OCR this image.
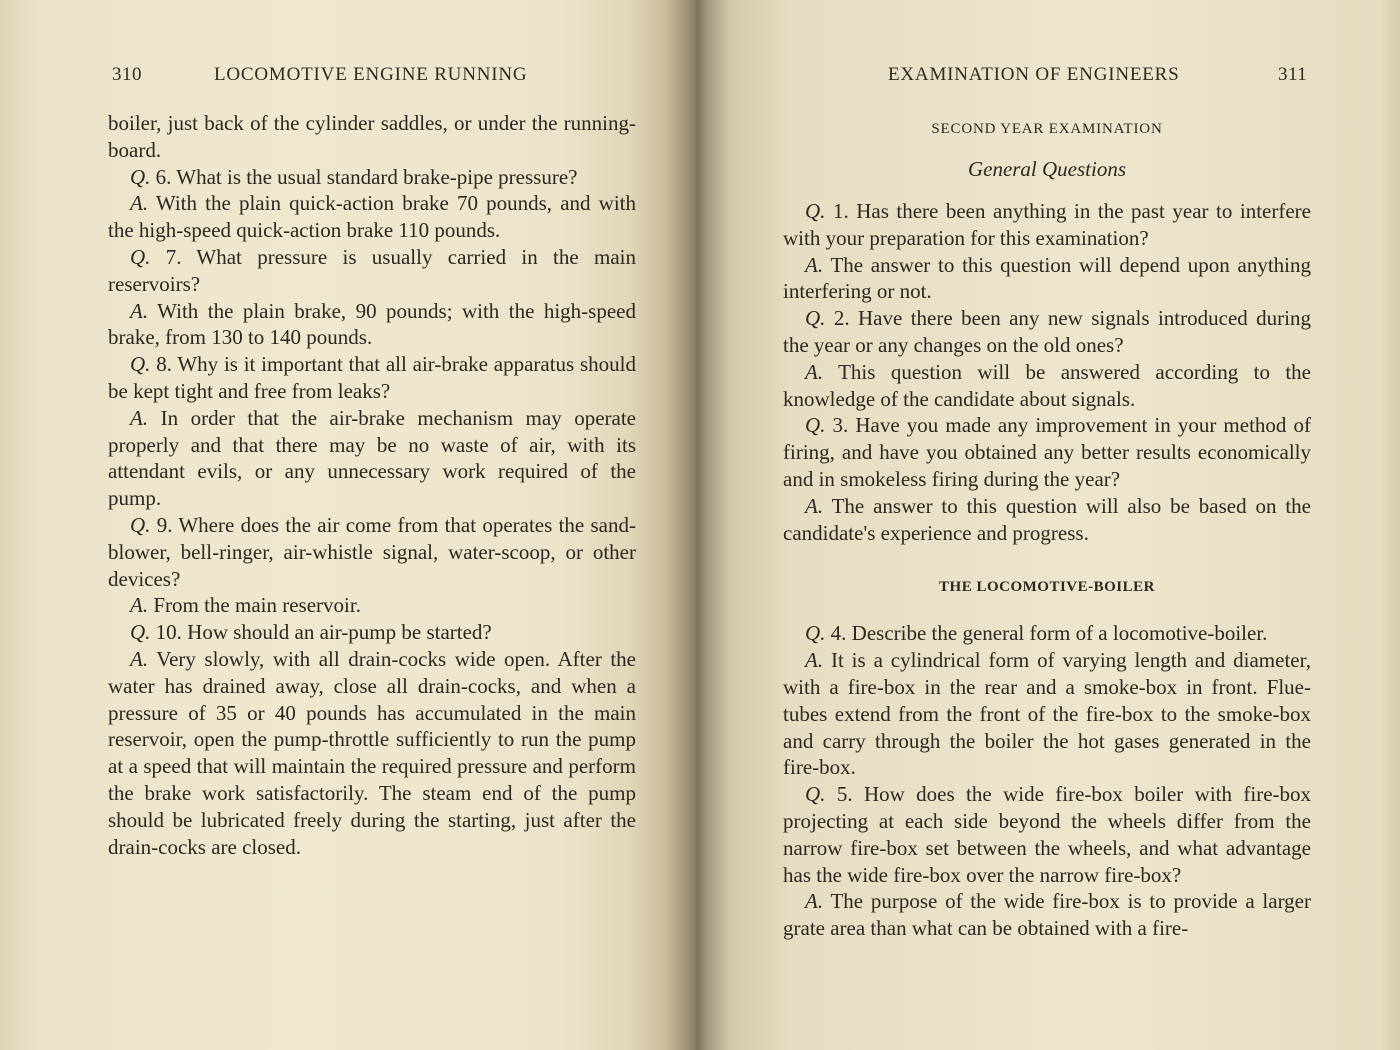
310	LOCOMOTIVE ENGINE RUNNING

boiler, just back of the cylinder saddles, or under the running-board.

Q. 6. What is the usual standard brake-pipe pressure?

A. With the plain quick-action brake 70 pounds, and with the high-speed quick-action brake 110 pounds.

Q. 7. What pressure is usually carried in the main reservoirs?

A. With the plain brake, 90 pounds; with the high-speed brake, from 130 to 140 pounds.

Q. 8. Why is it important that all air-brake apparatus should be kept tight and free from leaks?

A. In order that the air-brake mechanism may operate properly and that there may be no waste of air, with its attendant evils, or any unnecessary work required of the pump.

Q. 9. Where does the air come from that operates the sand-blower, bell-ringer, air-whistle signal, water-scoop, or other devices?

A. From the main reservoir.

Q. 10. How should an air-pump be started?

A. Very slowly, with all drain-cocks wide open. After the water has drained away, close all drain-cocks, and when a pressure of 35 or 40 pounds has accumulated in the main reservoir, open the pump-throttle sufficiently to run the pump at a speed that will maintain the required pressure and perform the brake work satisfactorily. The steam end of the pump should be lubricated freely during the starting, just after the drain-cocks are closed.

EXAMINATION OF ENGINEERS	311
SECOND YEAR EXAMINATION
General Questions

Q. 1. Has there been anything in the past year to interfere with your preparation for this examination?

A. The answer to this question will depend upon anything interfering or not.

Q. 2. Have there been any new signals introduced during the year or any changes on the old ones?

A. This question will be answered according to the knowledge of the candidate about signals.

Q. 3. Have you made any improvement in your method of firing, and have you obtained any better results economically and in smokeless firing during the year?

A. The answer to this question will also be based on the candidate's experience and progress.

THE LOCOMOTIVE-BOILER

Q. 4. Describe the general form of a locomotive-boiler.

A. It is a cylindrical form of varying length and diameter, with a fire-box in the rear and a smoke-box in front. Flue-tubes extend from the front of the fire-box to the smoke-box and carry through the boiler the hot gases generated in the fire-box.

Q. 5. How does the wide fire-box boiler with fire-box projecting at each side beyond the wheels differ from the narrow fire-box set between the wheels, and what advantage has the wide fire-box over the narrow fire-box?

A. The purpose of the wide fire-box is to provide a larger grate area than what can be obtained with a fire-
